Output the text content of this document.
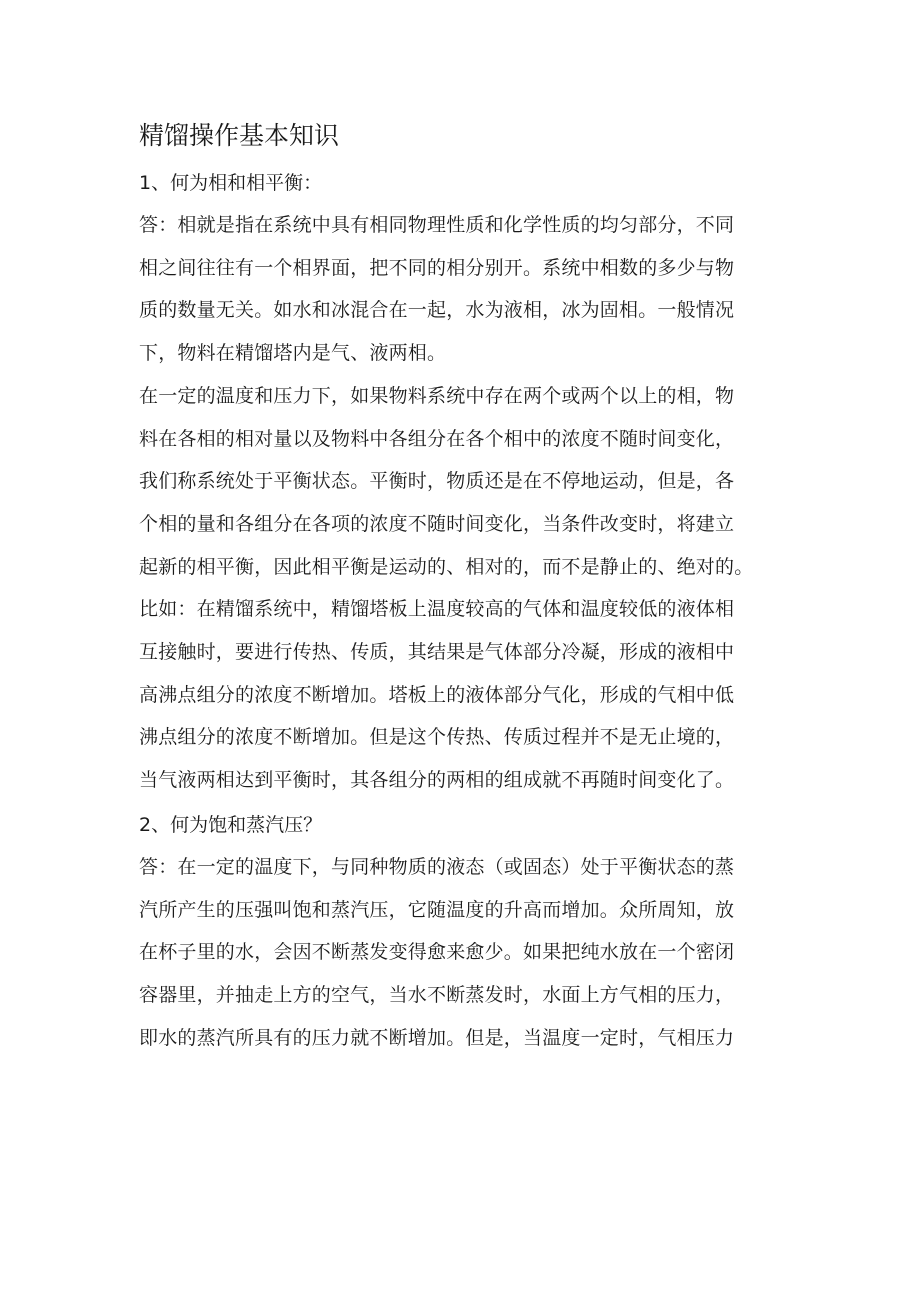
精馏操作基本知识

1、何为相和相平衡：

答：相就是指在系统中具有相同物理性质和化学性质的均匀部分，不同
相之间往往有一个相界面，把不同的相分别开。系统中相数的多少与物
质的数量无关。如水和冰混合在一起，水为液相，冰为固相。一般情况
下，物料在精馏塔内是气、液两相。

在一定的温度和压力下，如果物料系统中存在两个或两个以上的相，物
料在各相的相对量以及物料中各组分在各个相中的浓度不随时间变化，
我们称系统处于平衡状态。平衡时，物质还是在不停地运动，但是，各
个相的量和各组分在各项的浓度不随时间变化，当条件改变时，将建立
起新的相平衡，因此相平衡是运动的、相对的，而不是静止的、绝对的。

比如：在精馏系统中，精馏塔板上温度较高的气体和温度较低的液体相
互接触时，要进行传热、传质，其结果是气体部分冷凝，形成的液相中
高沸点组分的浓度不断增加。塔板上的液体部分气化，形成的气相中低
沸点组分的浓度不断增加。但是这个传热、传质过程并不是无止境的，
当气液两相达到平衡时，其各组分的两相的组成就不再随时间变化了。

2、何为饱和蒸汽压？

答：在一定的温度下，与同种物质的液态（或固态）处于平衡状态的蒸
汽所产生的压强叫饱和蒸汽压，它随温度的升高而增加。众所周知，放
在杯子里的水，会因不断蒸发变得愈来愈少。如果把纯水放在一个密闭
容器里，并抽走上方的空气，当水不断蒸发时，水面上方气相的压力，
即水的蒸汽所具有的压力就不断增加。但是，当温度一定时，气相压力
